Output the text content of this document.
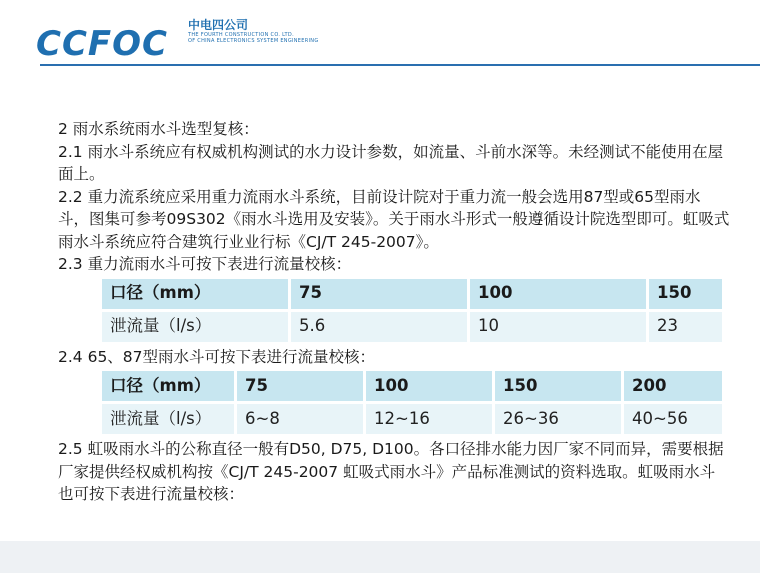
CCFOC 中电四公司
THE FOURTH CONSTRUCTION CO. LTD.
OF CHINA ELECTRONICS SYSTEM ENGINEERING

2 雨水系统雨水斗选型复核：

2.1 雨水斗系统应有权威机构测试的水力设计参数，如流量、斗前水深等。未经测试不能使用在屋面上。

2.2 重力流系统应采用重力流雨水斗系统，目前设计院对于重力流一般会选用87型或65型雨水斗，图集可参考09S302《雨水斗选用及安装》。关于雨水斗形式一般遵循设计院选型即可。虹吸式雨水斗系统应符合建筑行业业行标《CJ/T 245-2007》。

2.3 重力流雨水斗可按下表进行流量校核：

口径（mm）	75	100	150
泄流量（l/s）	5.6	10	23

2.4 65、87型雨水斗可按下表进行流量校核：

口径（mm）	75	100	150	200
泄流量（l/s）	6~8	12~16	26~36	40~56

2.5 虹吸雨水斗的公称直径一般有D50, D75, D100。各口径排水能力因厂家不同而异，需要根据厂家提供经权威机构按《CJ/T 245-2007 虹吸式雨水斗》产品标准测试的资料选取。虹吸雨水斗也可按下表进行流量校核：
